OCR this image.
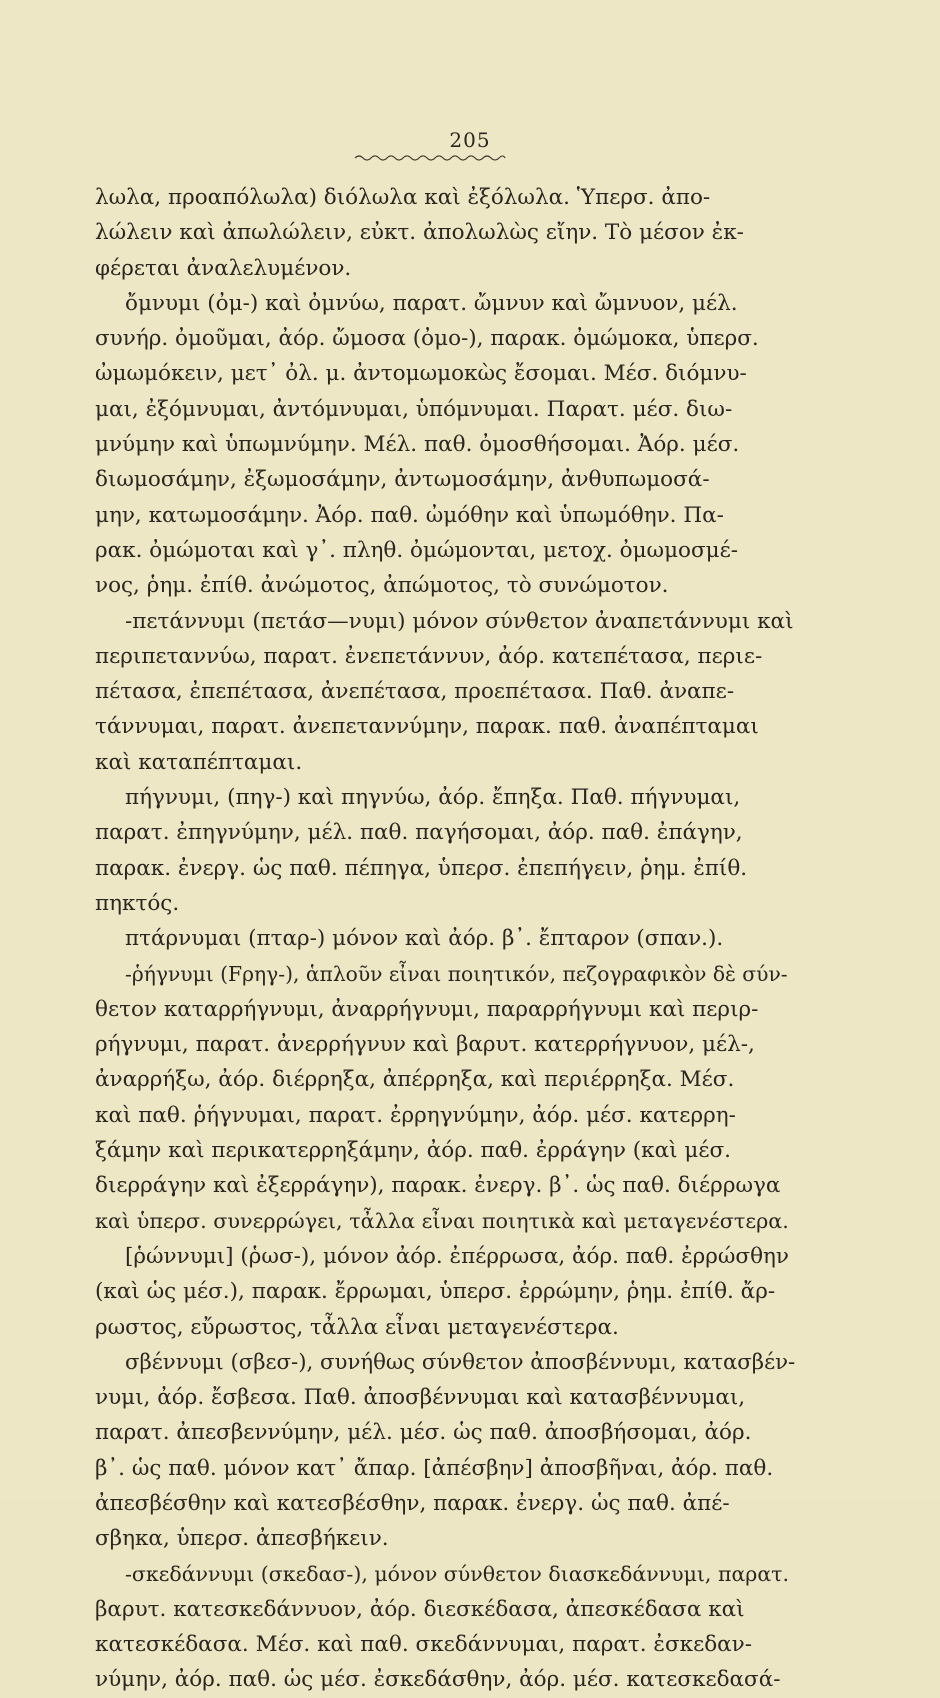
205
λωλα, προαπόλωλα) διόλωλα καὶ ἐξόλωλα. Ὑπερσ. ἀπο-
λώλειν καὶ ἀπωλώλειν, εὐκτ. ἀπολωλὼς εἴην. Τὸ μέσον ἐκ-
φέρεται ἀναλελυμένον.
ὄμνυμι (ὀμ-) καὶ ὀμνύω, παρατ. ὤμνυν καὶ ὤμνυον, μέλ.
συνήρ. ὀμοῦμαι, ἀόρ. ὤμοσα (ὀμο-), παρακ. ὀμώμοκα, ὑπερσ.
ὠμωμόκειν, μετ᾿ ὀλ. μ. ἀντομωμοκὼς ἔσομαι. Μέσ. διόμνυ-
μαι, ἐξόμνυμαι, ἀντόμνυμαι, ὑπόμνυμαι. Παρατ. μέσ. διω-
μνύμην καὶ ὑπωμνύμην. Μέλ. παθ. ὀμοσθήσομαι. Ἀόρ. μέσ.
διωμοσάμην, ἐξωμοσάμην, ἀντωμοσάμην, ἀνθυπωμοσά-
μην, κατωμοσάμην. Ἀόρ. παθ. ὠμόθην καὶ ὑπωμόθην. Πα-
ρακ. ὀμώμοται καὶ γ᾿. πληθ. ὀμώμονται, μετοχ. ὀμωμοσμέ-
νος, ῥημ. ἐπίθ. ἀνώμοτος, ἀπώμοτος, τὸ συνώμοτον.
-πετάννυμι (πετάσ—νυμι) μόνον σύνθετον ἀναπετάννυμι καὶ
περιπεταννύω, παρατ. ἐνεπετάννυν, ἀόρ. κατεπέτασα, περιε-
πέτασα, ἐπεπέτασα, ἀνεπέτασα, προεπέτασα. Παθ. ἀναπε-
τάννυμαι, παρατ. ἀνεπεταννύμην, παρακ. παθ. ἀναπέπταμαι
καὶ καταπέπταμαι.
πήγνυμι, (πηγ-) καὶ πηγνύω, ἀόρ. ἔπηξα. Παθ. πήγνυμαι,
παρατ. ἐπηγνύμην, μέλ. παθ. παγήσομαι, ἀόρ. παθ. ἐπάγην,
παρακ. ἐνεργ. ὡς παθ. πέπηγα, ὑπερσ. ἐπεπήγειν, ῥημ. ἐπίθ.
πηκτός.
πτάρνυμαι (πταρ-) μόνον καὶ ἀόρ. β᾿. ἔπταρον (σπαν.).
-ῥήγνυμι (Fρηγ-), ἁπλοῦν εἶναι ποιητικόν, πεζογραφικὸν δὲ σύν-
θετον καταρρήγνυμι, ἀναρρήγνυμι, παραρρήγνυμι καὶ περιρ-
ρήγνυμι, παρατ. ἀνερρήγνυν καὶ βαρυτ. κατερρήγνυον, μέλ-,
ἀναρρήξω, ἀόρ. διέρρηξα, ἀπέρρηξα, καὶ περιέρρηξα. Μέσ.
καὶ παθ. ῥήγνυμαι, παρατ. ἐρρηγνύμην, ἀόρ. μέσ. κατερρη-
ξάμην καὶ περικατερρηξάμην, ἀόρ. παθ. ἐρράγην (καὶ μέσ.
διερράγην καὶ ἐξερράγην), παρακ. ἐνεργ. β᾿. ὡς παθ. διέρρωγα
καὶ ὑπερσ. συνερρώγει, τἆλλα εἶναι ποιητικὰ καὶ μεταγενέστερα.
[ῥώννυμι] (ῥωσ-), μόνον ἀόρ. ἐπέρρωσα, ἀόρ. παθ. ἐρρώσθην
(καὶ ὡς μέσ.), παρακ. ἔρρωμαι, ὑπερσ. ἐρρώμην, ῥημ. ἐπίθ. ἄρ-
ρωστος, εὔρωστος, τἆλλα εἶναι μεταγενέστερα.
σβέννυμι (σβεσ-), συνήθως σύνθετον ἀποσβέννυμι, κατασβέν-
νυμι, ἀόρ. ἔσβεσα. Παθ. ἀποσβέννυμαι καὶ κατασβέννυμαι,
παρατ. ἀπεσβεννύμην, μέλ. μέσ. ὡς παθ. ἀποσβήσομαι, ἀόρ.
β᾿. ὡς παθ. μόνον κατ᾿ ἄπαρ. [ἀπέσβην] ἀποσβῆναι, ἀόρ. παθ.
ἀπεσβέσθην καὶ κατεσβέσθην, παρακ. ἐνεργ. ὡς παθ. ἀπέ-
σβηκα, ὑπερσ. ἀπεσβήκειν.
-σκεδάννυμι (σκεδασ-), μόνον σύνθετον διασκεδάννυμι, παρατ.
βαρυτ. κατεσκεδάννυον, ἀόρ. διεσκέδασα, ἀπεσκέδασα καὶ
κατεσκέδασα. Μέσ. καὶ παθ. σκεδάννυμαι, παρατ. ἐσκεδαν-
νύμην, ἀόρ. παθ. ὡς μέσ. ἐσκεδάσθην, ἀόρ. μέσ. κατεσκεδασά-
